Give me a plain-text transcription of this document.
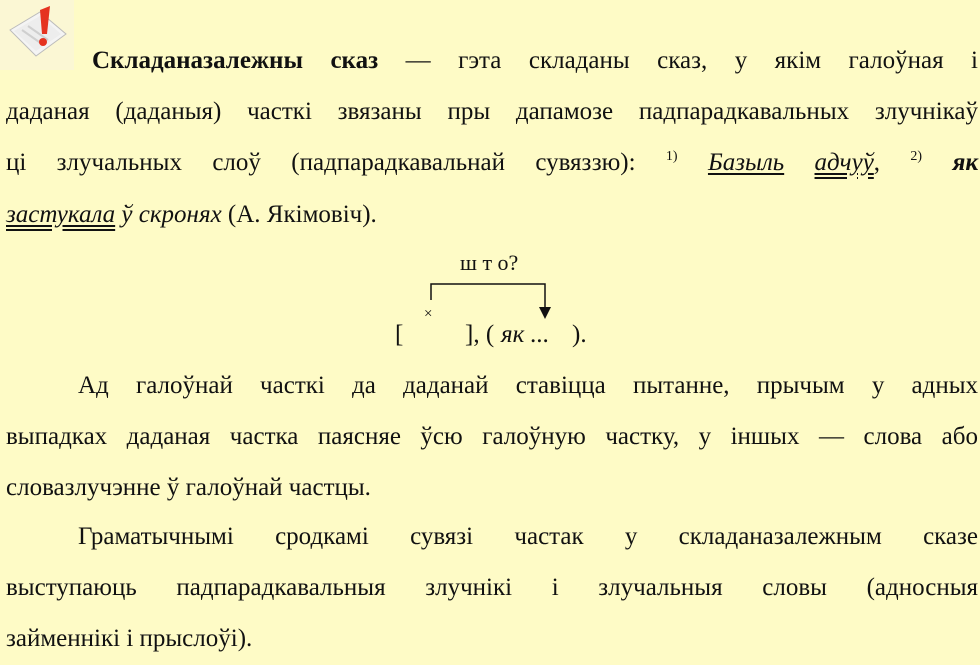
Складаназалежны сказ — гэта складаны сказ, у якім галоўная і
даданая (даданыя) часткі звязаны пры дапамозе падпарадкавальных злучнікаў
ці злучальных слоў (падпарадкавальнай сувяззю): $^{1)}$ Базыль адчуў, $^{2)}$ як
застукала ў скронях (А. Якімовіч).
ш т о?
×
[ ], ( як ... ).
Ад галоўнай часткі да даданай ставіцца пытанне, прычым у адных
выпадках даданая частка паясняе ўсю галоўную частку, у іншых — слова або
словазлучэнне ў галоўнай частцы.
Граматычнымі сродкамі сувязі частак у складаназалежным сказе
выступаюць падпарадкавальныя злучнікі і злучальныя словы (адносныя
займеннікі і прыслоўі).
